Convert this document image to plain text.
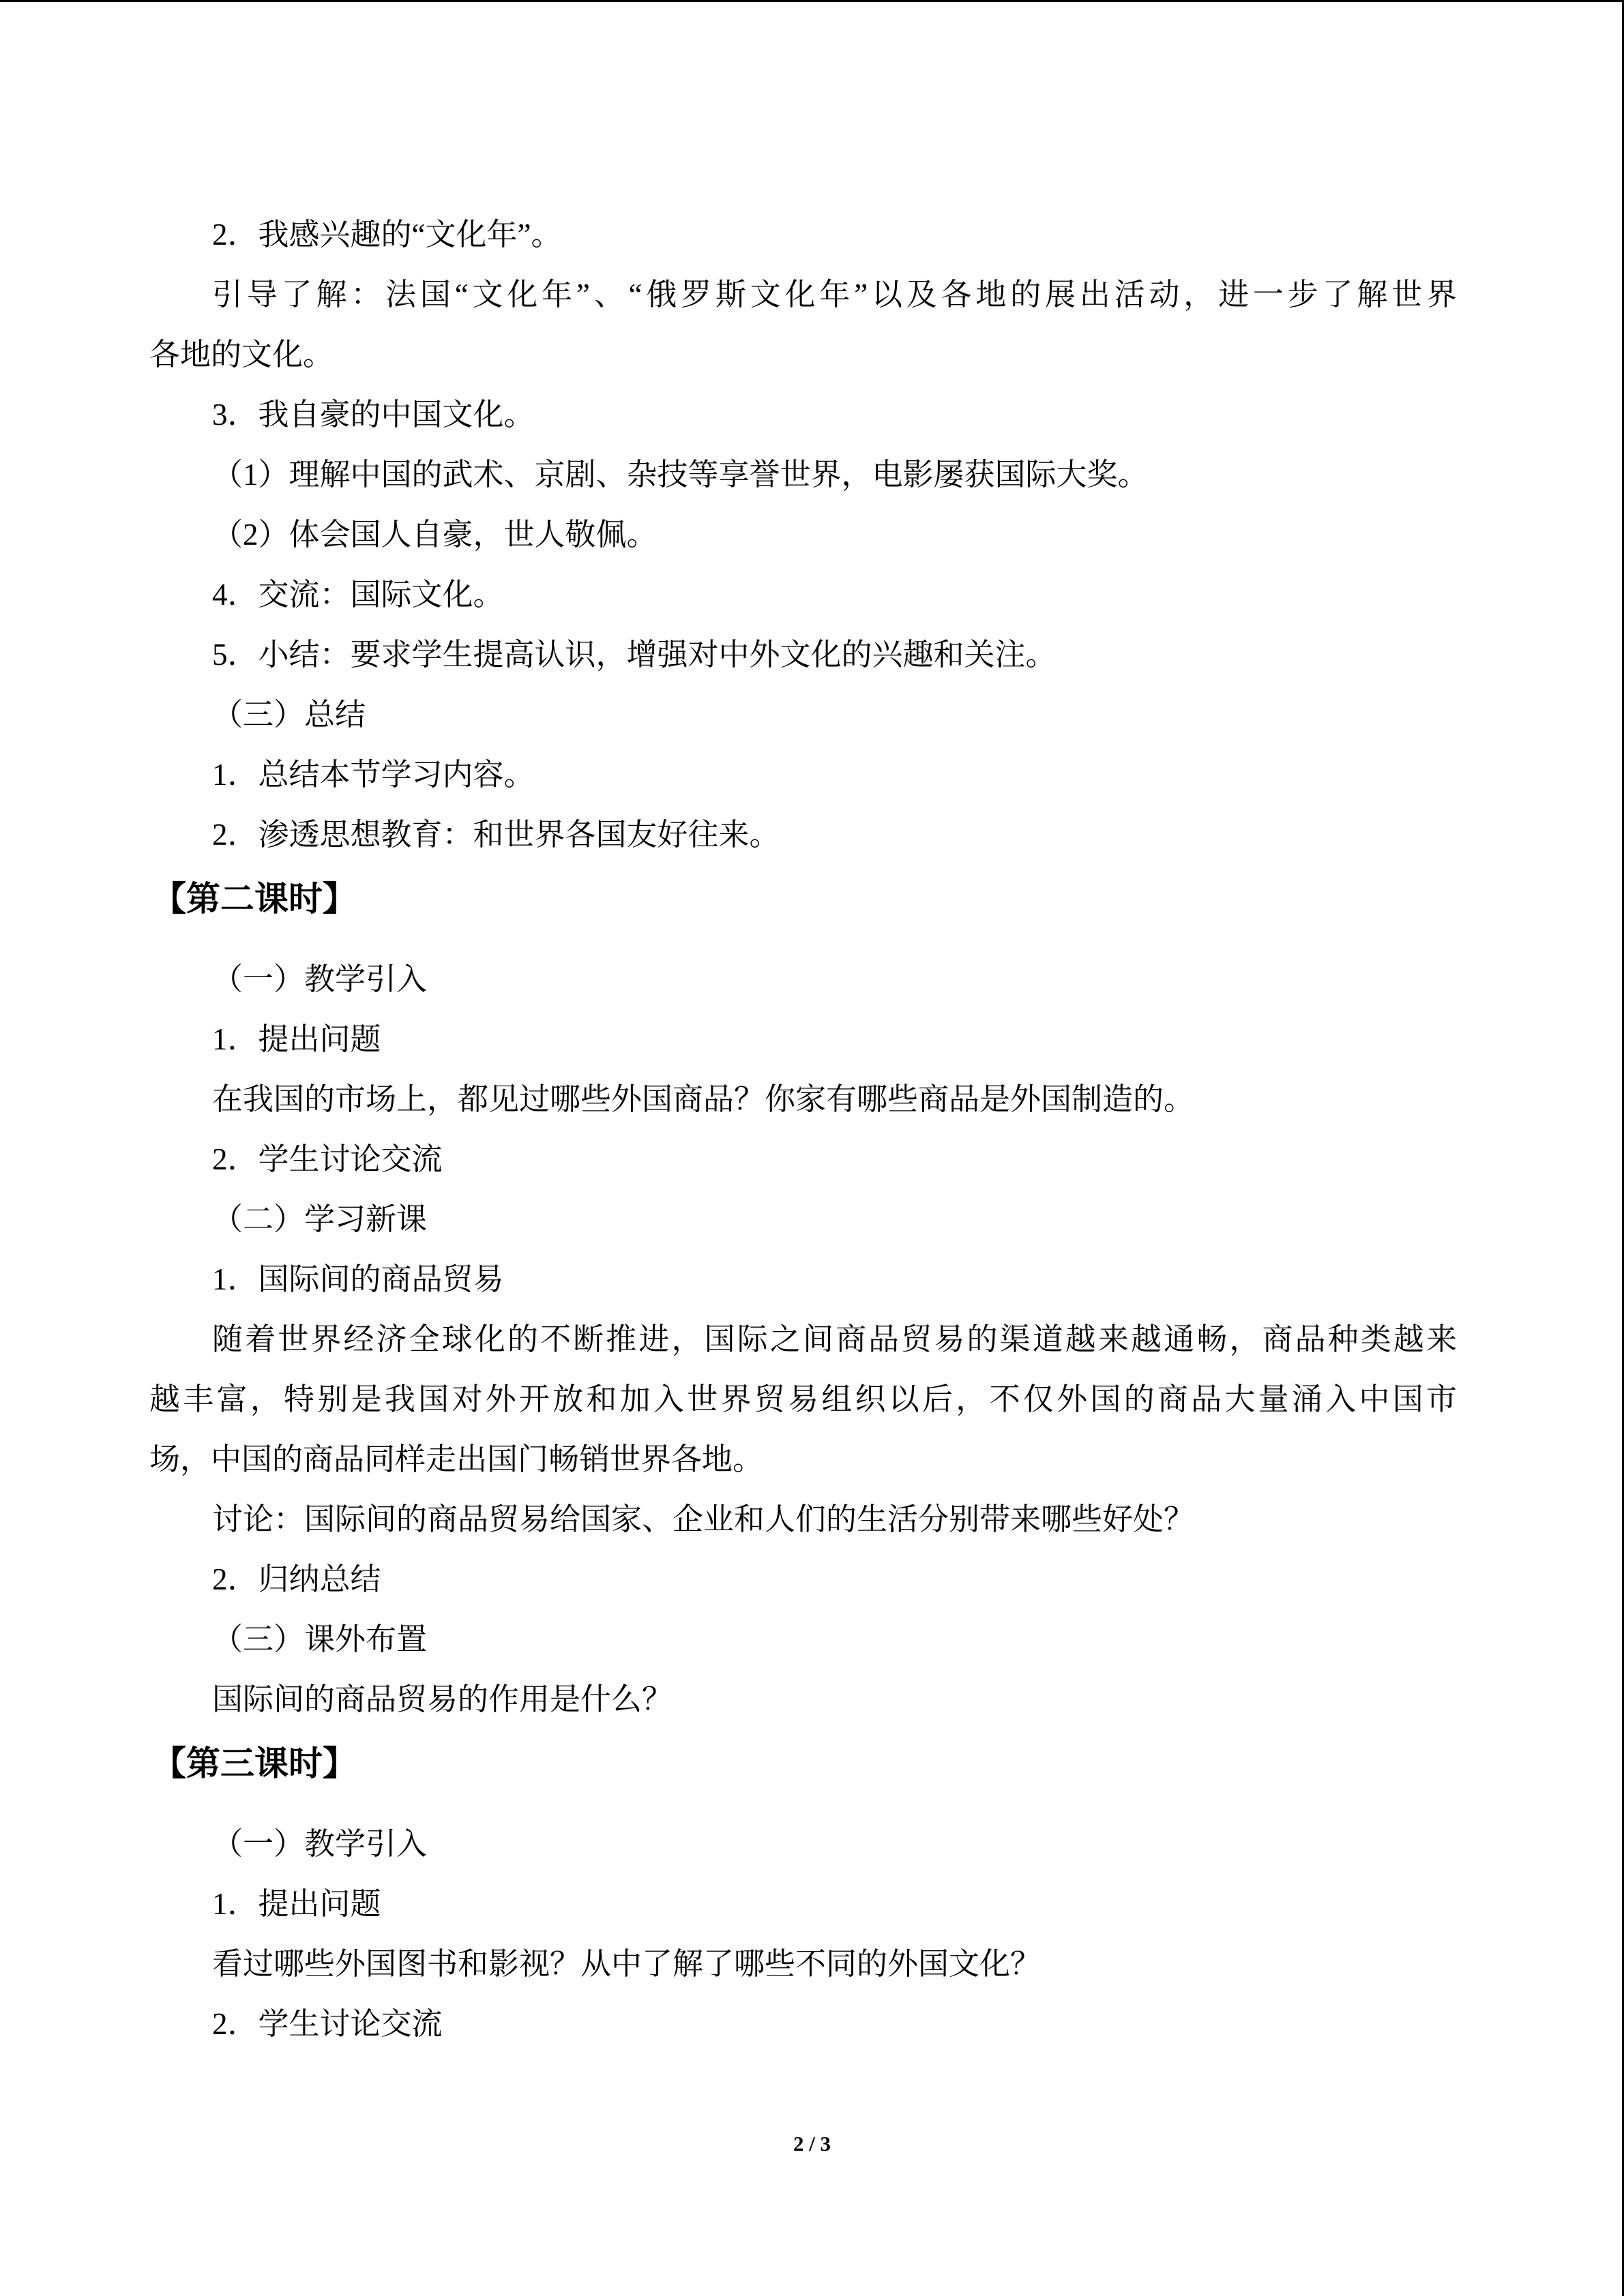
2．我感兴趣的“文化年”。
引导了解：法国“文化年”、“俄罗斯文化年”以及各地的展出活动，进一步了解世界
各地的文化。
3．我自豪的中国文化。
（1）理解中国的武术、京剧、杂技等享誉世界，电影屡获国际大奖。
（2）体会国人自豪，世人敬佩。
4．交流：国际文化。
5．小结：要求学生提高认识，增强对中外文化的兴趣和关注。
（三）总结
1．总结本节学习内容。
2．渗透思想教育：和世界各国友好往来。
【第二课时】
（一）教学引入
1．提出问题
在我国的市场上，都见过哪些外国商品？你家有哪些商品是外国制造的。
2．学生讨论交流
（二）学习新课
1．国际间的商品贸易
随着世界经济全球化的不断推进，国际之间商品贸易的渠道越来越通畅，商品种类越来
越丰富，特别是我国对外开放和加入世界贸易组织以后，不仅外国的商品大量涌入中国市
场，中国的商品同样走出国门畅销世界各地。
讨论：国际间的商品贸易给国家、企业和人们的生活分别带来哪些好处？
2．归纳总结
（三）课外布置
国际间的商品贸易的作用是什么？
【第三课时】
（一）教学引入
1．提出问题
看过哪些外国图书和影视？从中了解了哪些不同的外国文化？
2．学生讨论交流
2 / 3
